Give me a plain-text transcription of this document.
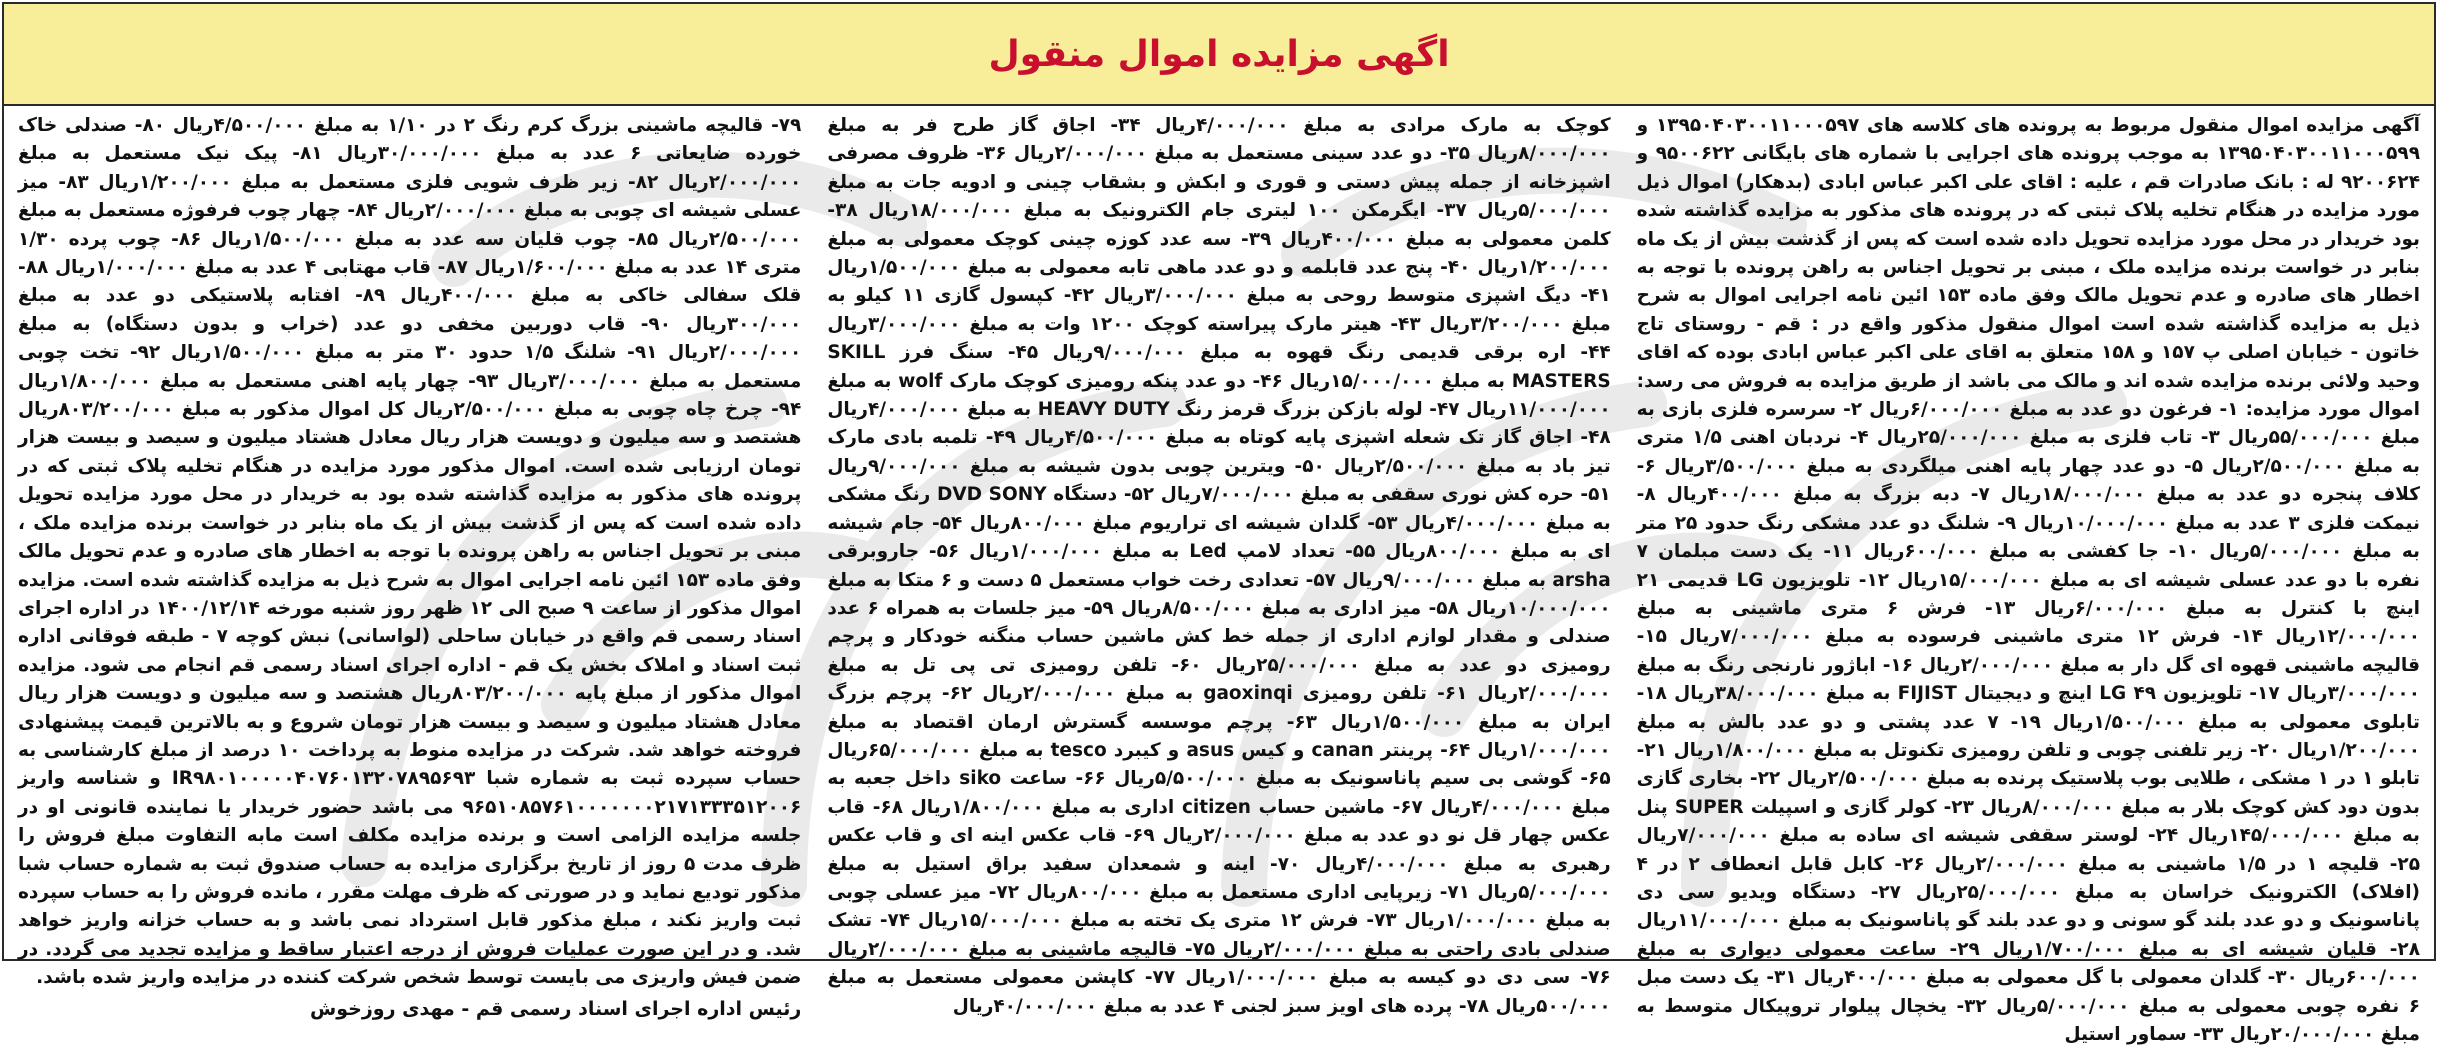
اگهی مزایده اموال منقول

آگهی مزایده اموال منقول مربوط به پرونده های کلاسه های ۱۳۹۵۰۴۰۳۰۰۱۱۰۰۰۵۹۷ و ۱۳۹۵۰۴۰۳۰۰۱۱۰۰۰۵۹۹ به موجب پرونده های اجرایی با شماره های بایگانی ۹۵۰۰۶۲۲ و ۹۲۰۰۶۲۴ له : بانک صادرات قم ، علیه : اقای علی اکبر عباس ابادی (بدهکار) اموال ذیل مورد مزایده در هنگام تخلیه پلاک ثبتی که در پرونده های مذکور به مزایده گذاشته شده بود خریدار در محل مورد مزایده تحویل داده شده است که پس از گذشت بیش از یک ماه بنابر در خواست برنده مزایده ملک ، مبنی بر تحویل اجناس به راهن پرونده با توجه به اخطار های صادره و عدم تحویل مالک وفق ماده ۱۵۳ ائین نامه اجرایی اموال به شرح ذیل به مزایده گذاشته شده است اموال منقول مذکور واقع در : قم - روستای تاج خاتون - خیابان اصلی پ ۱۵۷ و ۱۵۸ متعلق به اقای علی اکبر عباس ابادی بوده که اقای وحید ولائی برنده مزایده شده اند و مالک می باشد از طریق مزایده به فروش می رسد: اموال مورد مزایده: ۱- فرغون دو عدد به مبلغ ۶/۰۰۰/۰۰۰ریال ۲- سرسره فلزی بازی به مبلغ ۵۵/۰۰۰/۰۰۰ریال ۳- تاب فلزی به مبلغ ۲۵/۰۰۰/۰۰۰ریال ۴- نردبان اهنی ۱/۵ متری به مبلغ ۲/۵۰۰/۰۰۰ریال ۵- دو عدد چهار پایه اهنی میلگردی به مبلغ ۳/۵۰۰/۰۰۰ریال ۶- کلاف پنجره دو عدد به مبلغ ۱۸/۰۰۰/۰۰۰ریال ۷- دبه بزرگ به مبلغ ۴۰۰/۰۰۰ریال ۸- نیمکت فلزی ۳ عدد به مبلغ ۱۰/۰۰۰/۰۰۰ریال ۹- شلنگ دو عدد مشکی رنگ حدود ۲۵ متر به مبلغ ۵/۰۰۰/۰۰۰ریال ۱۰- جا کفشی به مبلغ ۶۰۰/۰۰۰ریال ۱۱- یک دست مبلمان ۷ نفره با دو عدد عسلی شیشه ای به مبلغ ۱۵/۰۰۰/۰۰۰ریال ۱۲- تلویزیون LG قدیمی ۲۱ اینچ با کنترل به مبلغ ۶/۰۰۰/۰۰۰ریال ۱۳- فرش ۶ متری ماشینی به مبلغ ۱۲/۰۰۰/۰۰۰ریال ۱۴- فرش ۱۲ متری ماشینی فرسوده به مبلغ ۷/۰۰۰/۰۰۰ریال ۱۵- قالیچه ماشینی قهوه ای گل دار به مبلغ ۲/۰۰۰/۰۰۰ریال ۱۶- اباژور نارنجی رنگ به مبلغ ۳/۰۰۰/۰۰۰ریال ۱۷- تلویزیون LG ۴۹ اینچ و دیجیتال FIJIST به مبلغ ۳۸/۰۰۰/۰۰۰ریال ۱۸- تابلوی معمولی به مبلغ ۱/۵۰۰/۰۰۰ریال ۱۹- ۷ عدد پشتی و دو عدد بالش به مبلغ ۱/۲۰۰/۰۰۰ریال ۲۰- زیر تلفنی چوبی و تلفن رومیزی تکنوتل به مبلغ ۱/۸۰۰/۰۰۰ریال ۲۱- تابلو ۱ در ۱ مشکی ، طلایی بوب پلاستیک پرنده به مبلغ ۲/۵۰۰/۰۰۰ریال ۲۲- بخاری گازی بدون دود کش کوچک بلار به مبلغ ۸/۰۰۰/۰۰۰ریال ۲۳- کولر گازی و اسپیلت SUPER پنل به مبلغ ۱۴۵/۰۰۰/۰۰۰ریال ۲۴- لوستر سقفی شیشه ای ساده به مبلغ ۷/۰۰۰/۰۰۰ریال ۲۵- قلیچه ۱ در ۱/۵ ماشینی به مبلغ ۲/۰۰۰/۰۰۰ریال ۲۶- کابل قابل انعطاف ۲ در ۴ (افلاک) الکترونیک خراسان به مبلغ ۲۵/۰۰۰/۰۰۰ریال ۲۷- دستگاه ویدیو سی دی پاناسونیک و دو عدد بلند گو سونی و دو عدد بلند گو پاناسونیک به مبلغ ۱۱/۰۰۰/۰۰۰ریال ۲۸- قلیان شیشه ای به مبلغ ۱/۷۰۰/۰۰۰ریال ۲۹- ساعت معمولی دیواری به مبلغ ۶۰۰/۰۰۰ریال ۳۰- گلدان معمولی با گل معمولی به مبلغ ۴۰۰/۰۰۰ریال ۳۱- یک دست مبل ۶ نفره چوبی معمولی به مبلغ ۵/۰۰۰/۰۰۰ریال ۳۲- یخچال پیلوار تروپیکال متوسط به مبلغ ۲۰/۰۰۰/۰۰۰ریال ۳۳- سماور استیل

کوچک به مارک مرادی به مبلغ ۴/۰۰۰/۰۰۰ریال ۳۴- اجاق گاز طرح فر به مبلغ ۸/۰۰۰/۰۰۰ریال ۳۵- دو عدد سینی مستعمل به مبلغ ۲/۰۰۰/۰۰۰ریال ۳۶- ظروف مصرفی اشپزخانه از جمله پیش دستی و قوری و ابکش و بشقاب چینی و ادویه جات به مبلغ ۵/۰۰۰/۰۰۰ریال ۳۷- ایگرمکن ۱۰۰ لیتری جام الکترونیک به مبلغ ۱۸/۰۰۰/۰۰۰ریال ۳۸- کلمن معمولی به مبلغ ۴۰۰/۰۰۰ریال ۳۹- سه عدد کوزه چینی کوچک معمولی به مبلغ ۱/۲۰۰/۰۰۰ریال ۴۰- پنج عدد قابلمه و دو عدد ماهی تابه معمولی به مبلغ ۱/۵۰۰/۰۰۰ریال ۴۱- دیگ اشپزی متوسط روحی به مبلغ ۳/۰۰۰/۰۰۰ریال ۴۲- کپسول گازی ۱۱ کیلو به مبلغ ۳/۲۰۰/۰۰۰ریال ۴۳- هیتر مارک پیراسته کوچک ۱۲۰۰ وات به مبلغ ۳/۰۰۰/۰۰۰ریال ۴۴- اره برقی قدیمی رنگ قهوه به مبلغ ۹/۰۰۰/۰۰۰ریال ۴۵- سنگ فرز SKILL MASTERS به مبلغ ۱۵/۰۰۰/۰۰۰ریال ۴۶- دو عدد پنکه رومیزی کوچک مارک wolf به مبلغ ۱۱/۰۰۰/۰۰۰ریال ۴۷- لوله بازکن بزرگ قرمز رنگ HEAVY DUTY به مبلغ ۴/۰۰۰/۰۰۰ریال ۴۸- اجاق گاز تک شعله اشپزی پایه کوتاه به مبلغ ۴/۵۰۰/۰۰۰ریال ۴۹- تلمبه بادی مارک تیز باد به مبلغ ۲/۵۰۰/۰۰۰ریال ۵۰- ویترین چوبی بدون شیشه به مبلغ ۹/۰۰۰/۰۰۰ریال ۵۱- حره کش نوری سقفی به مبلغ ۷/۰۰۰/۰۰۰ریال ۵۲- دستگاه DVD SONY رنگ مشکی به مبلغ ۴/۰۰۰/۰۰۰ریال ۵۳- گلدان شیشه ای تراریوم مبلغ ۸۰۰/۰۰۰ریال ۵۴- جام شیشه ای به مبلغ ۸۰۰/۰۰۰ریال ۵۵- تعداد لامپ Led به مبلغ ۱/۰۰۰/۰۰۰ریال ۵۶- جاروبرقی arsha به مبلغ ۹/۰۰۰/۰۰۰ریال ۵۷- تعدادی رخت خواب مستعمل ۵ دست و ۶ متکا به مبلغ ۱۰/۰۰۰/۰۰۰ریال ۵۸- میز اداری به مبلغ ۸/۵۰۰/۰۰۰ریال ۵۹- میز جلسات به همراه ۶ عدد صندلی و مقدار لوازم اداری از جمله خط کش ماشین حساب منگنه خودکار و پرچم رومیزی دو عدد به مبلغ ۲۵/۰۰۰/۰۰۰ریال ۶۰- تلفن رومیزی تی پی تل به مبلغ ۲/۰۰۰/۰۰۰ریال ۶۱- تلفن رومیزی gaoxinqi به مبلغ ۲/۰۰۰/۰۰۰ریال ۶۲- پرچم بزرگ ایران به مبلغ ۱/۵۰۰/۰۰۰ریال ۶۳- پرچم موسسه گسترش ارمان اقتصاد به مبلغ ۱/۰۰۰/۰۰۰ریال ۶۴- پرینتر canan و کیس asus و کیبرد tesco به مبلغ ۶۵/۰۰۰/۰۰۰ریال ۶۵- گوشی بی سیم پاناسونیک به مبلغ ۵/۵۰۰/۰۰۰ریال ۶۶- ساعت siko داخل جعبه به مبلغ ۴/۰۰۰/۰۰۰ریال ۶۷- ماشین حساب citizen اداری به مبلغ ۱/۸۰۰/۰۰۰ریال ۶۸- قاب عکس چهار قل نو دو عدد به مبلغ ۲/۰۰۰/۰۰۰ریال ۶۹- قاب عکس اینه ای و قاب عکس رهبری به مبلغ ۴/۰۰۰/۰۰۰ریال ۷۰- اینه و شمعدان سفید براق استیل به مبلغ ۵/۰۰۰/۰۰۰ریال ۷۱- زیرپایی اداری مستعمل به مبلغ ۸۰۰/۰۰۰ریال ۷۲- میز عسلی چوبی به مبلغ ۱/۰۰۰/۰۰۰ریال ۷۳- فرش ۱۲ متری یک تخته به مبلغ ۱۵/۰۰۰/۰۰۰ریال ۷۴- تشک صندلی بادی راحتی به مبلغ ۲/۰۰۰/۰۰۰ریال ۷۵- قالیچه ماشینی به مبلغ ۲/۰۰۰/۰۰۰ریال ۷۶- سی دی دو کیسه به مبلغ ۱/۰۰۰/۰۰۰ریال ۷۷- کاپشن معمولی مستعمل به مبلغ ۵۰۰/۰۰۰ریال ۷۸- پرده های اویز سبز لجنی ۴ عدد به مبلغ ۴۰/۰۰۰/۰۰۰ریال

۷۹- قالیچه ماشینی بزرگ کرم رنگ ۲ در ۱/۱۰ به مبلغ ۴/۵۰۰/۰۰۰ریال ۸۰- صندلی خاک خورده ضایعاتی ۶ عدد به مبلغ ۳۰/۰۰۰/۰۰۰ریال ۸۱- پیک نیک مستعمل به مبلغ ۲/۰۰۰/۰۰۰ریال ۸۲- زیر ظرف شویی فلزی مستعمل به مبلغ ۱/۲۰۰/۰۰۰ریال ۸۳- میز عسلی شیشه ای چوبی به مبلغ ۲/۰۰۰/۰۰۰ریال ۸۴- چهار چوب فرفوژه مستعمل به مبلغ ۲/۵۰۰/۰۰۰ریال ۸۵- چوب قلیان سه عدد به مبلغ ۱/۵۰۰/۰۰۰ریال ۸۶- چوب پرده ۱/۳۰ متری ۱۴ عدد به مبلغ ۱/۶۰۰/۰۰۰ریال ۸۷- قاب مهتابی ۴ عدد به مبلغ ۱/۰۰۰/۰۰۰ریال ۸۸- قلک سفالی خاکی به مبلغ ۴۰۰/۰۰۰ریال ۸۹- افتابه پلاستیکی دو عدد به مبلغ ۳۰۰/۰۰۰ریال ۹۰- قاب دوربین مخفی دو عدد (خراب و بدون دستگاه) به مبلغ ۲/۰۰۰/۰۰۰ریال ۹۱- شلنگ ۱/۵ حدود ۳۰ متر به مبلغ ۱/۵۰۰/۰۰۰ریال ۹۲- تخت چوبی مستعمل به مبلغ ۳/۰۰۰/۰۰۰ریال ۹۳- چهار پایه اهنی مستعمل به مبلغ ۱/۸۰۰/۰۰۰ریال ۹۴- چرخ چاه چوبی به مبلغ ۲/۵۰۰/۰۰۰ریال کل اموال مذکور به مبلغ ۸۰۳/۲۰۰/۰۰۰ریال هشتصد و سه میلیون و دویست هزار ریال معادل هشتاد میلیون و سیصد و بیست هزار تومان ارزیابی شده است. اموال مذکور مورد مزایده در هنگام تخلیه پلاک ثبتی که در پرونده های مذکور به مزایده گذاشته شده بود به خریدار در محل مورد مزایده تحویل داده شده است که پس از گذشت بیش از یک ماه بنابر در خواست برنده مزایده ملک ، مبنی بر تحویل اجناس به راهن پرونده با توجه به اخطار های صادره و عدم تحویل مالک وفق ماده ۱۵۳ ائین نامه اجرایی اموال به شرح ذیل به مزایده گذاشته شده است. مزایده اموال مذکور از ساعت ۹ صبح الی ۱۲ ظهر روز شنبه مورخه ۱۴۰۰/۱۲/۱۴ در اداره اجرای اسناد رسمی قم واقع در خیابان ساحلی (لواسانی) نبش کوچه ۷ - طبقه فوقانی اداره ثبت اسناد و املاک بخش یک قم - اداره اجرای اسناد رسمی قم انجام می شود. مزایده اموال مذکور از مبلغ پایه ۸۰۳/۲۰۰/۰۰۰ریال هشتصد و سه میلیون و دویست هزار ریال معادل هشتاد میلیون و سیصد و بیست هزار تومان شروع و به بالاترین قیمت پیشنهادی فروخته خواهد شد. شرکت در مزایده منوط به پرداخت ۱۰ درصد از مبلغ کارشناسی به حساب سپرده ثبت به شماره شبا IR۹۸۰۱۰۰۰۰۰۴۰۷۶۰۱۳۲۰۷۸۹۵۶۹۳ و شناسه واریز ۹۶۵۱۰۸۵۷۶۱۰۰۰۰۰۰۰۲۱۷۱۳۳۳۵۱۲۰۰۶ می باشد حضور خریدار یا نماینده قانونی او در جلسه مزایده الزامی است و برنده مزایده مکلف است مابه التفاوت مبلغ فروش را ظرف مدت ۵ روز از تاریخ برگزاری مزایده به حساب صندوق ثبت به شماره حساب شبا مذکور تودیع نماید و در صورتی که ظرف مهلت مقرر ، مانده فروش را به حساب سپرده ثبت واریز نکند ، مبلغ مذکور قابل استرداد نمی باشد و به حساب خزانه واریز خواهد شد. و در این صورت عملیات فروش از درجه اعتبار ساقط و مزایده تجدید می گردد. در ضمن فیش واریزی می بایست توسط شخص شرکت کننده در مزایده واریز شده باشد.

رئیس اداره اجرای اسناد رسمی قم - مهدی روزخوش
